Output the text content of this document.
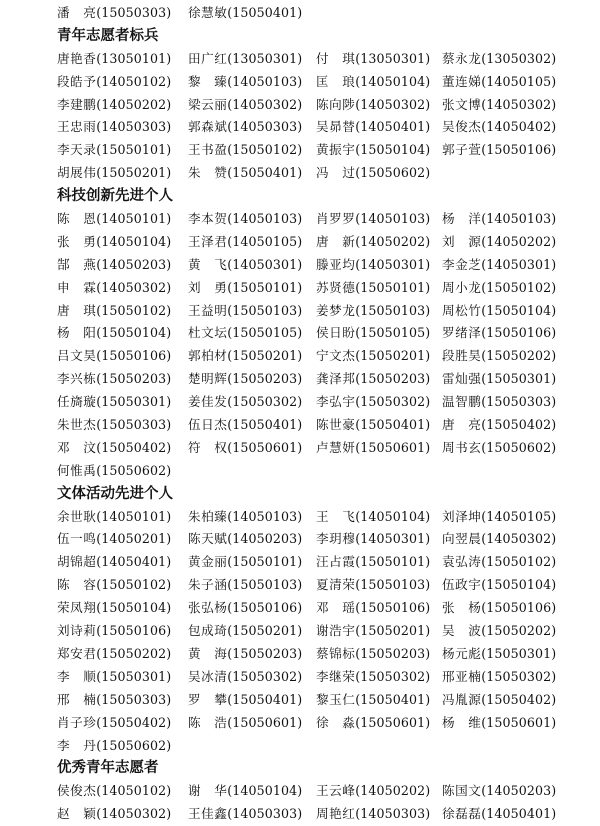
潘　亮(15050303) 徐慧敏(15050401)
青年志愿者标兵
唐艳香(13050101) 田广红(13050301) 付　琪(13050301) 蔡永龙(13050302)
段皓予(14050102) 黎　臻(14050103) 匡　琅(14050104) 董连娣(14050105)
李建鹏(14050202) 梁云丽(14050302) 陈向陟(14050302) 张文博(14050302)
王忠雨(14050303) 郭森斌(14050303) 吴昴替(14050401) 吴俊杰(14050402)
李天录(15050101) 王书盈(15050102) 黄振宇(15050104) 郭子萱(15050106)
胡展伟(15050201) 朱　赞(15050401) 冯　过(15050602)
科技创新先进个人
陈　恩(14050101) 李本贺(14050103) 肖罗罗(14050103) 杨　洋(14050103)
张　勇(14050104) 王泽君(14050105) 唐　新(14050202) 刘　源(14050202)
郜　燕(14050203) 黄　飞(14050301) 滕亚均(14050301) 李金芝(14050301)
申　霖(14050302) 刘　勇(15050101) 苏贤德(15050101) 周小龙(15050102)
唐　琪(15050102) 王益明(15050103) 姜梦龙(15050103) 周松竹(15050104)
杨　阳(15050104) 杜文坛(15050105) 侯日盼(15050105) 罗绪泽(15050106)
吕文昊(15050106) 郭柏材(15050201) 宁文杰(15050201) 段胜昊(15050202)
李兴栋(15050203) 楚明辉(15050203) 龚泽邦(15050203) 雷灿强(15050301)
任旖璇(15050301) 姜佳发(15050302) 李弘宇(15050302) 温智鹏(15050303)
朱世杰(15050303) 伍日杰(15050401) 陈世豪(15050401) 唐　亮(15050402)
邓　汶(15050402) 符　权(15050601) 卢慧妍(15050601) 周书玄(15050602)
何惟禹(15050602)
文体活动先进个人
余世耿(14050101) 朱柏臻(14050103) 王　飞(14050104) 刘泽坤(14050105)
伍一鸣(14050201) 陈天赋(14050203) 李玥穆(14050301) 向翌晨(14050302)
胡锦超(14050401) 黄金丽(15050101) 汪占霞(15050101) 袁弘涛(15050102)
陈　容(15050102) 朱子涵(15050103) 夏清荣(15050103) 伍政宇(15050104)
荣凤翔(15050104) 张弘杨(15050106) 邓　瑶(15050106) 张　杨(15050106)
刘诗莉(15050106) 包成琦(15050201) 谢浩宇(15050201) 吴　波(15050202)
郑安君(15050202) 黄　海(15050203) 蔡锦标(15050203) 杨元彪(15050301)
李　顺(15050301) 吴冰清(15050302) 李继荣(15050302) 邢亚楠(15050302)
邢　楠(15050303) 罗　攀(15050401) 黎玉仁(15050401) 冯胤源(15050402)
肖子珍(15050402) 陈　浩(15050601) 徐　淼(15050601) 杨　维(15050601)
李　丹(15050602)
优秀青年志愿者
侯俊杰(14050102) 谢　华(14050104) 王云峰(14050202) 陈国文(14050203)
赵　颖(14050302) 王佳鑫(14050303) 周艳红(14050303) 徐磊磊(14050401)
